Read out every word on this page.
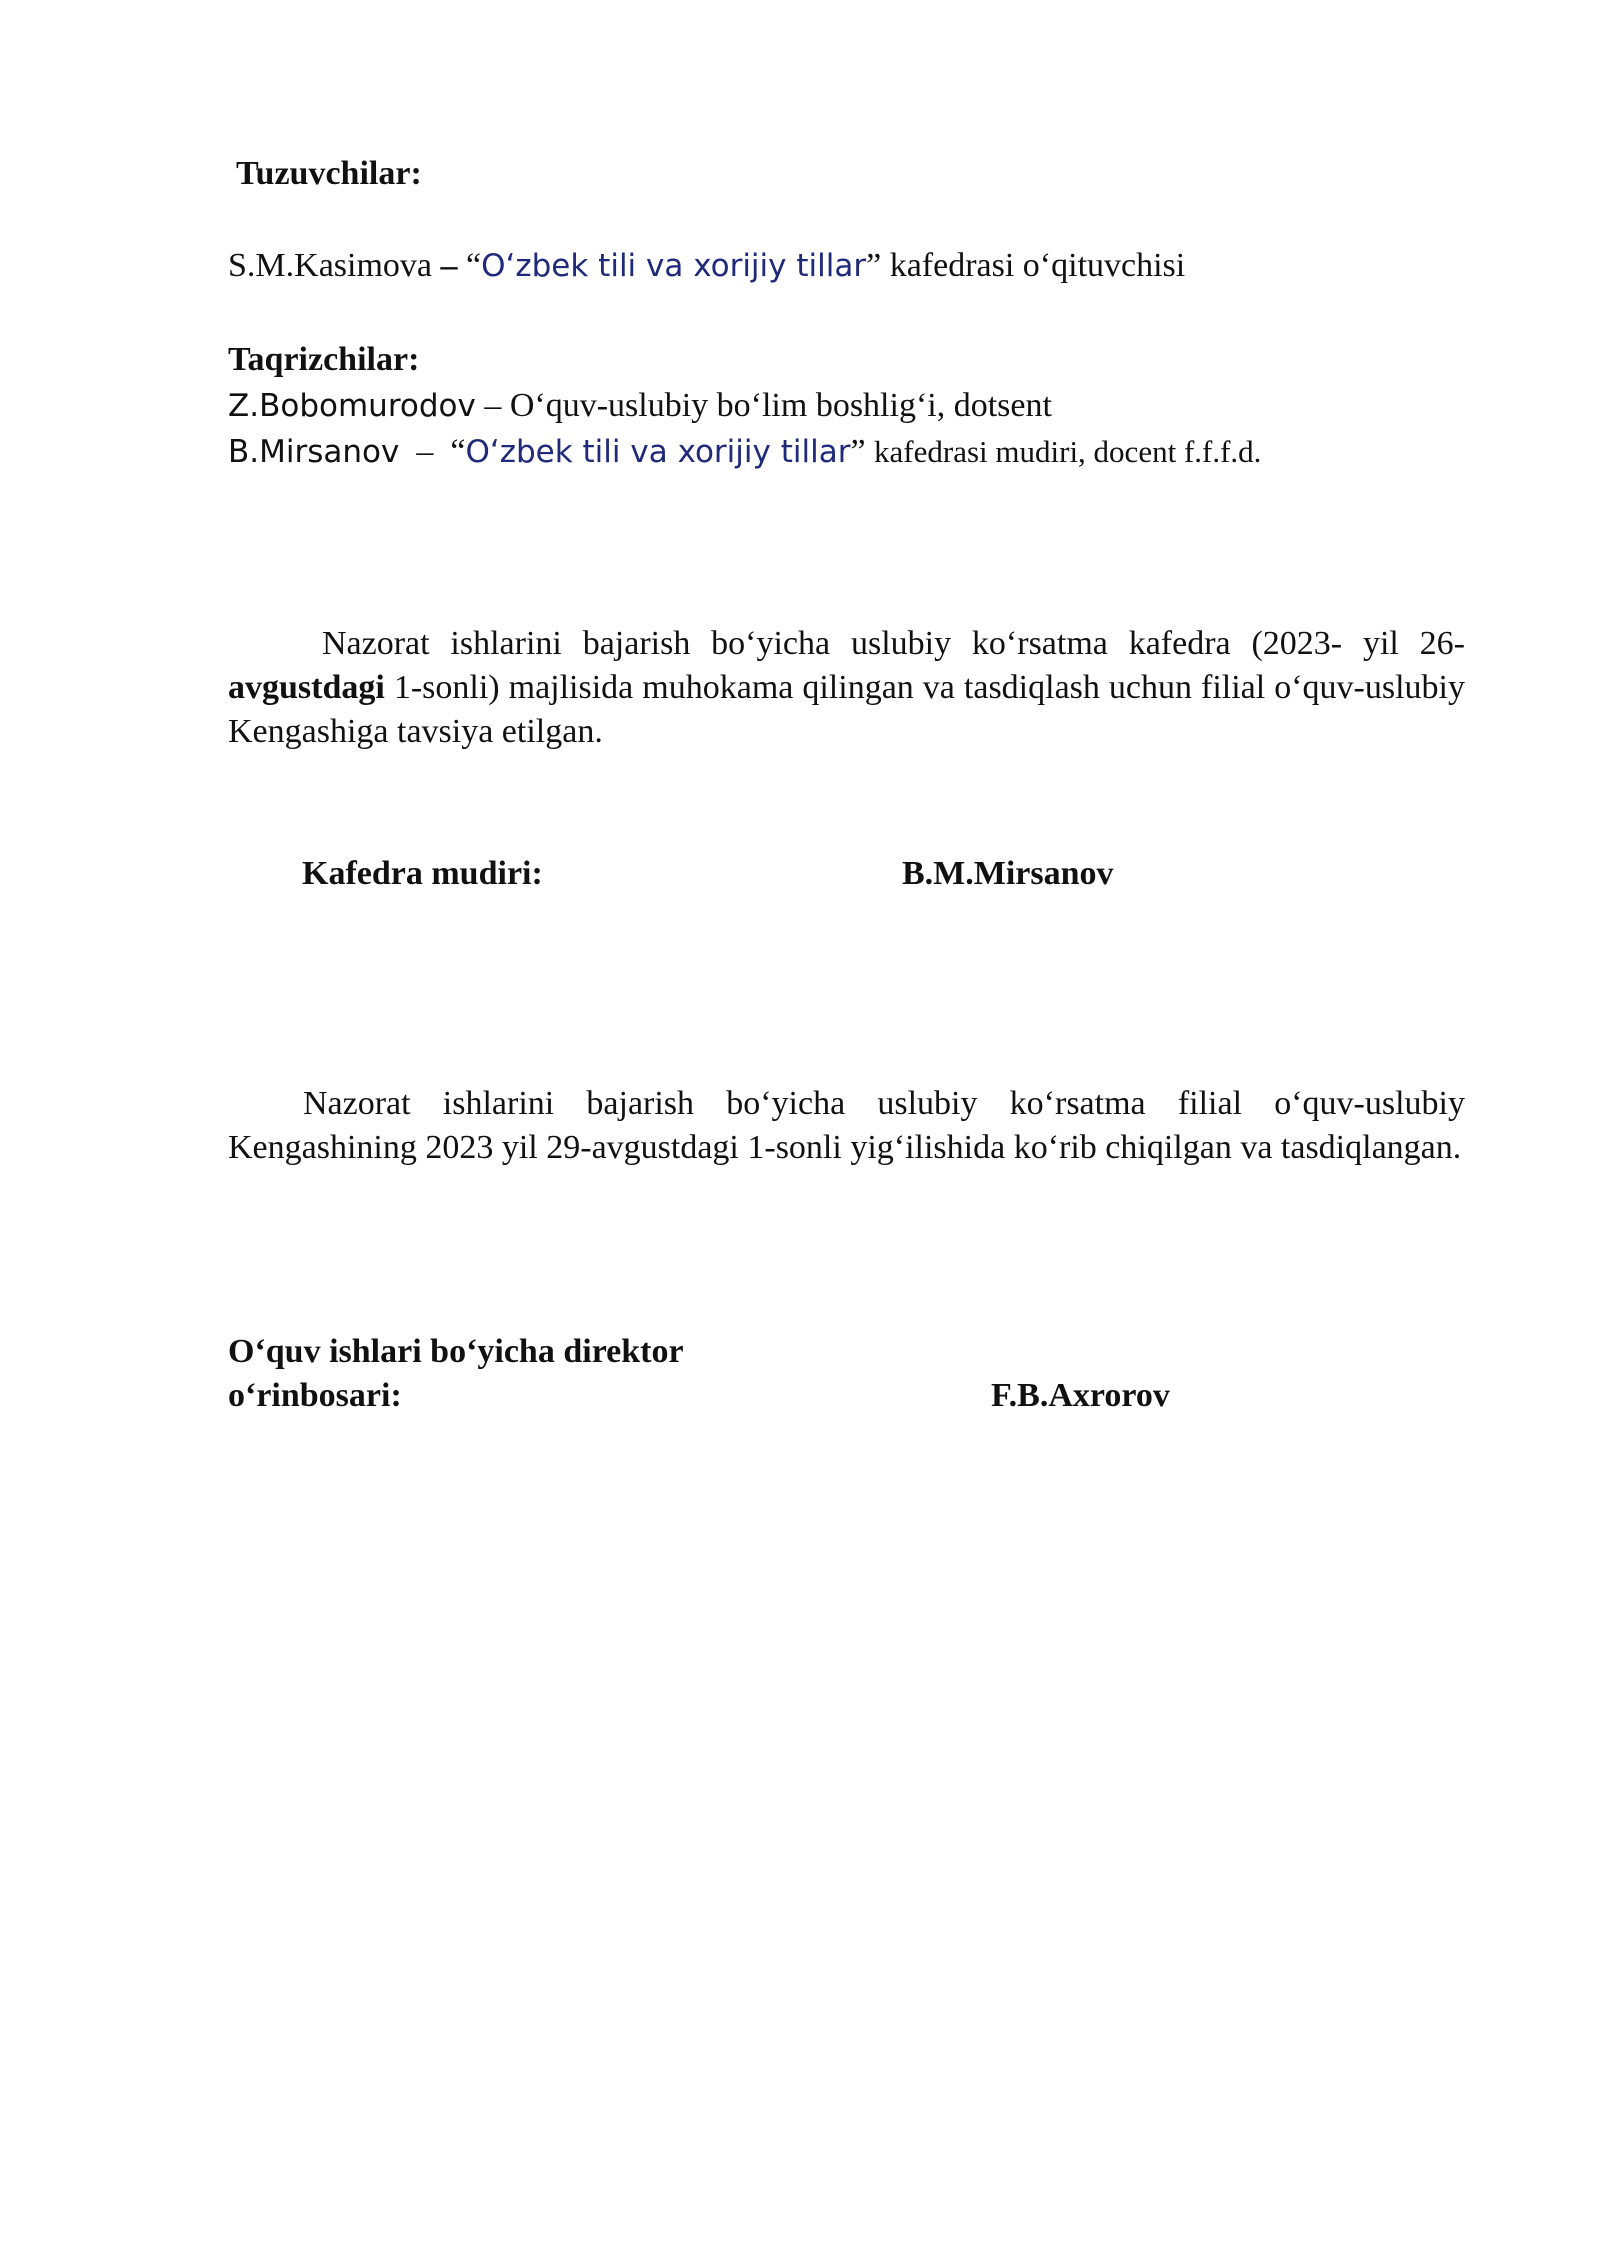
Tuzuvchilar:
S.M.Kasimova – “O‘zbek tili va xorijiy tillar” kafedrasi o‘qituvchisi
Taqrizchilar:
Z.Bobomurodov – O‘quv-uslubiy bo‘lim boshlig‘i, dotsent
B.Mirsanov – “O‘zbek tili va xorijiy tillar” kafedrasi mudiri, docent f.f.f.d.
Nazorat ishlarini bajarish bo‘yicha uslubiy ko‘rsatma kafedra (2023- yil 26- avgustdagi 1-sonli) majlisida muhokama qilingan va tasdiqlash uchun filial o‘quv-uslubiy Kengashiga tavsiya etilgan.
Kafedra mudiri:	B.M.Mirsanov
Nazorat ishlarini bajarish bo‘yicha uslubiy ko‘rsatma filial o‘quv-uslubiy Kengashining 2023 yil 29-avgustdagi 1-sonli yig‘ilishida ko‘rib chiqilgan va tasdiqlangan.
O‘quv ishlari bo‘yicha direktor
o‘rinbosari:	F.B.Axrorov
